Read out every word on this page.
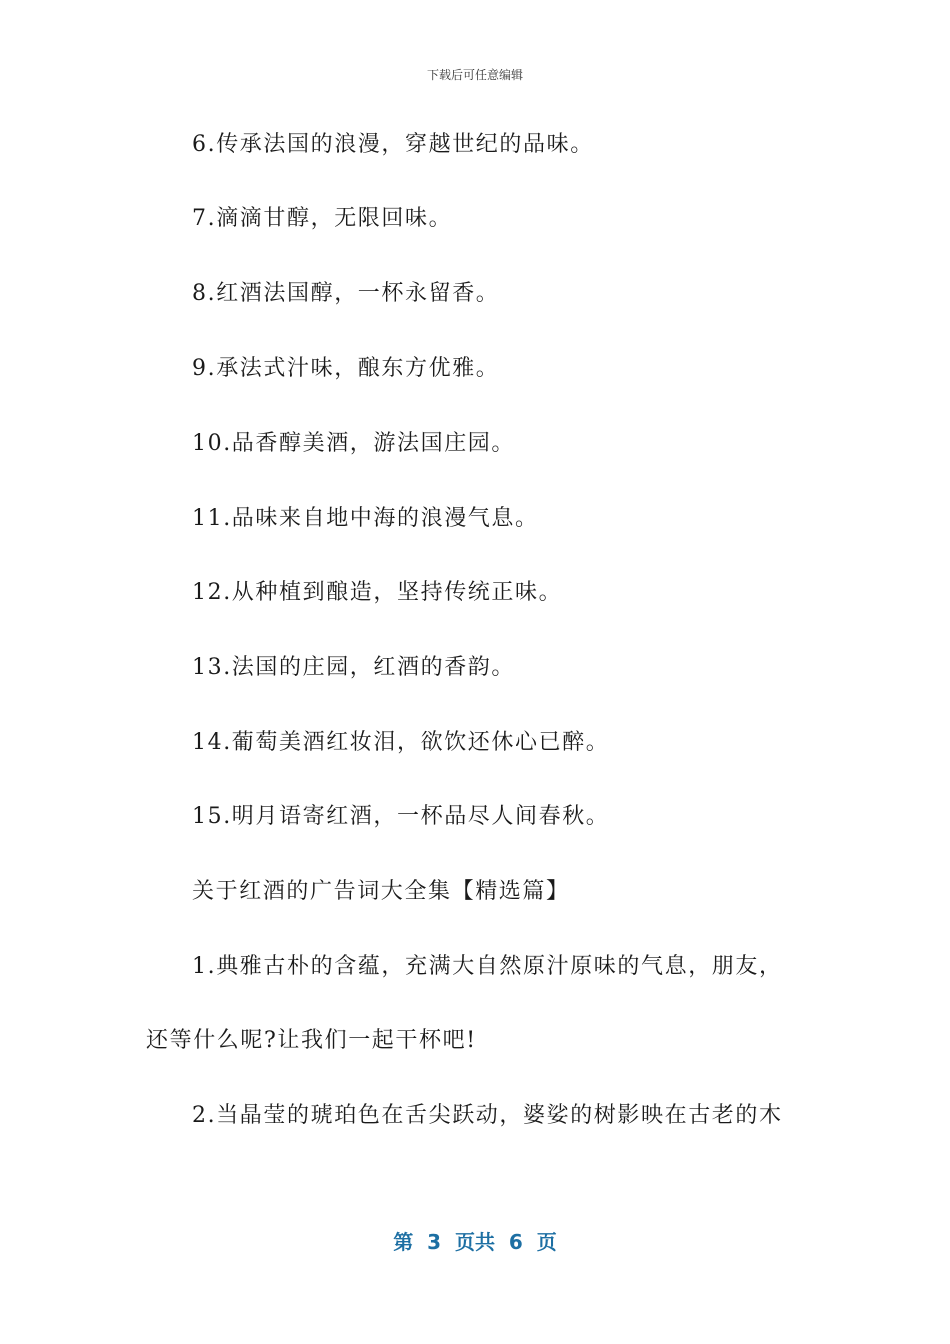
下载后可任意编辑
6.传承法国的浪漫，穿越世纪的品味。
7.滴滴甘醇，无限回味。
8.红酒法国醇，一杯永留香。
9.承法式汁味，酿东方优雅。
10.品香醇美酒，游法国庄园。
11.品味来自地中海的浪漫气息。
12.从种植到酿造，坚持传统正味。
13.法国的庄园，红酒的香韵。
14.葡萄美酒红妆泪，欲饮还休心已醉。
15.明月语寄红酒，一杯品尽人间春秋。
关于红酒的广告词大全集【精选篇】
1.典雅古朴的含蕴，充满大自然原汁原味的气息，朋友，
还等什么呢?让我们一起干杯吧!
2.当晶莹的琥珀色在舌尖跃动，婆娑的树影映在古老的木
第  3  页共  6  页
